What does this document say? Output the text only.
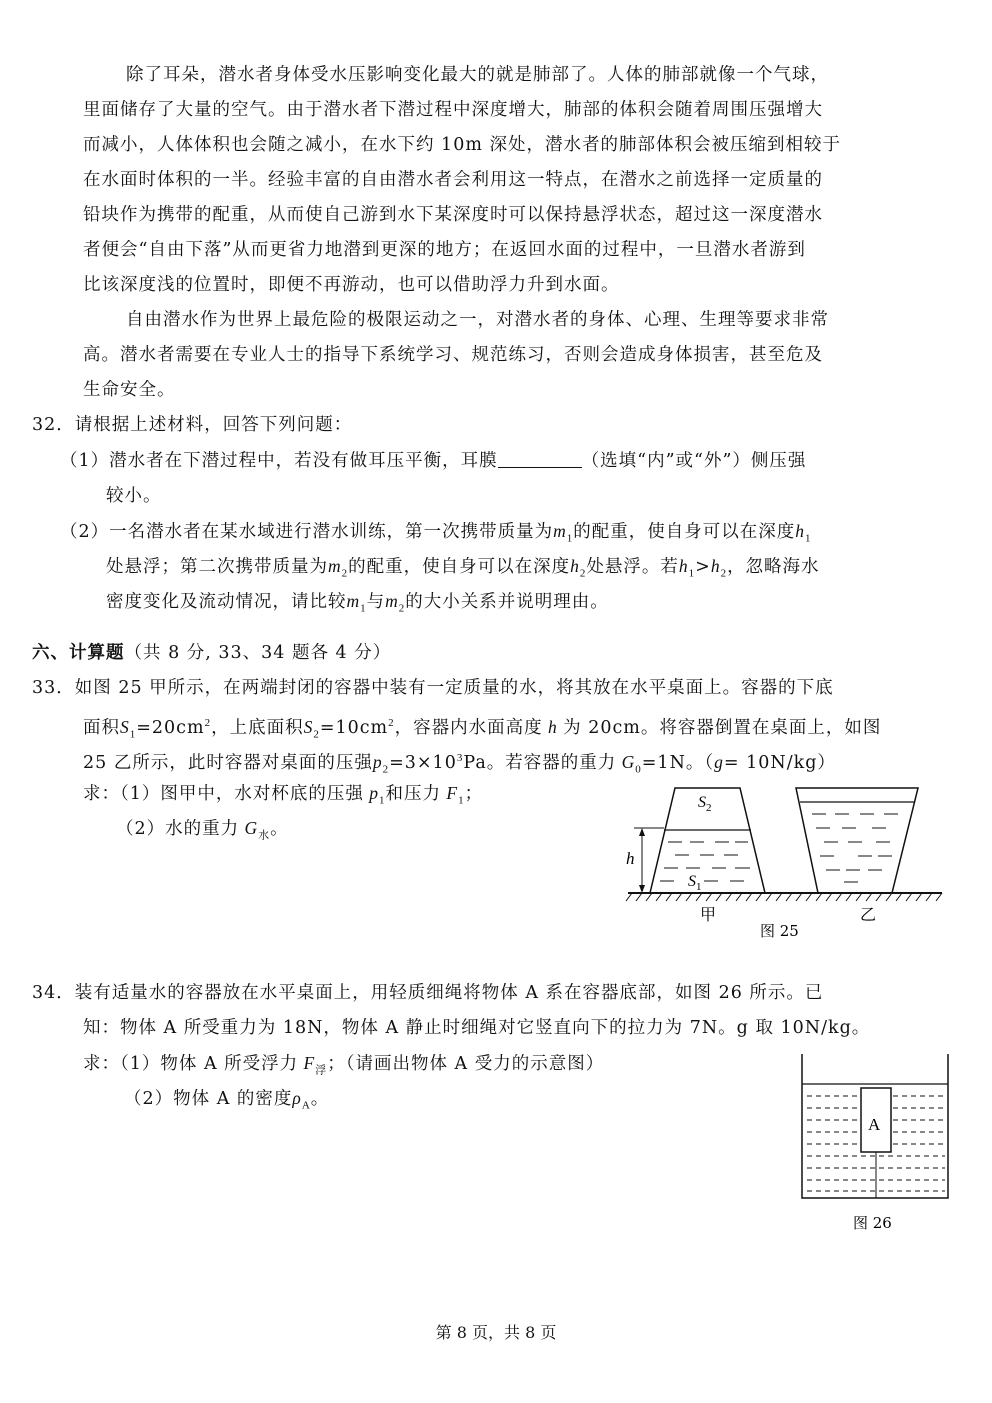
除了耳朵，潜水者身体受水压影响变化最大的就是肺部了。人体的肺部就像一个气球，
里面储存了大量的空气。由于潜水者下潜过程中深度增大，肺部的体积会随着周围压强增大
而减小，人体体积也会随之减小，在水下约 10m 深处，潜水者的肺部体积会被压缩到相较于
在水面时体积的一半。经验丰富的自由潜水者会利用这一特点，在潜水之前选择一定质量的
铅块作为携带的配重，从而使自己游到水下某深度时可以保持悬浮状态，超过这一深度潜水
者便会“自由下落”从而更省力地潜到更深的地方；在返回水面的过程中，一旦潜水者游到
比该深度浅的位置时，即便不再游动，也可以借助浮力升到水面。
自由潜水作为世界上最危险的极限运动之一，对潜水者的身体、心理、生理等要求非常
高。潜水者需要在专业人士的指导下系统学习、规范练习，否则会造成身体损害，甚至危及
生命安全。
32．请根据上述材料，回答下列问题：
（1）潜水者在下潜过程中，若没有做耳压平衡，耳膜	（选填“内”或“外”）侧压强
较小。
（2）一名潜水者在某水域进行潜水训练，第一次携带质量为$m_1$的配重，使自身可以在深度$h_1$
处悬浮；第二次携带质量为$m_2$的配重，使自身可以在深度$h_2$处悬浮。若$h_1>h_2$，忽略海水
密度变化及流动情况，请比较$m_1$与$m_2$的大小关系并说明理由。
六、计算题（共 8 分, 33、34 题各 4 分）
33．如图 25 甲所示，在两端封闭的容器中装有一定质量的水，将其放在水平桌面上。容器的下底
面积$S_1=20cm^2$，上底面积$S_2=10cm^2$，容器内水面高度 h 为 20cm。将容器倒置在桌面上，如图
25 乙所示，此时容器对桌面的压强$p_2=3\times 10^3Pa$。若容器的重力 $G_0=1N$。（g= 10N/kg）
求：（1）图甲中，水对杯底的压强 $p_1$和压力 $F_1$；
（2）水的重力 $G_水$。
h
$S_2$
$S_1$
甲	乙
图 25
34．装有适量水的容器放在水平桌面上，用轻质细绳将物体 A 系在容器底部，如图 26 所示。已
知：物体 A 所受重力为 18N，物体 A 静止时细绳对它竖直向下的拉力为 7N。g 取 10N/kg。
求：（1）物体 A 所受浮力 $F_浮$；（请画出物体 A 受力的示意图）
（2）物体 A 的密度$\rho_A$。
A
图 26
第 8 页，共 8 页
